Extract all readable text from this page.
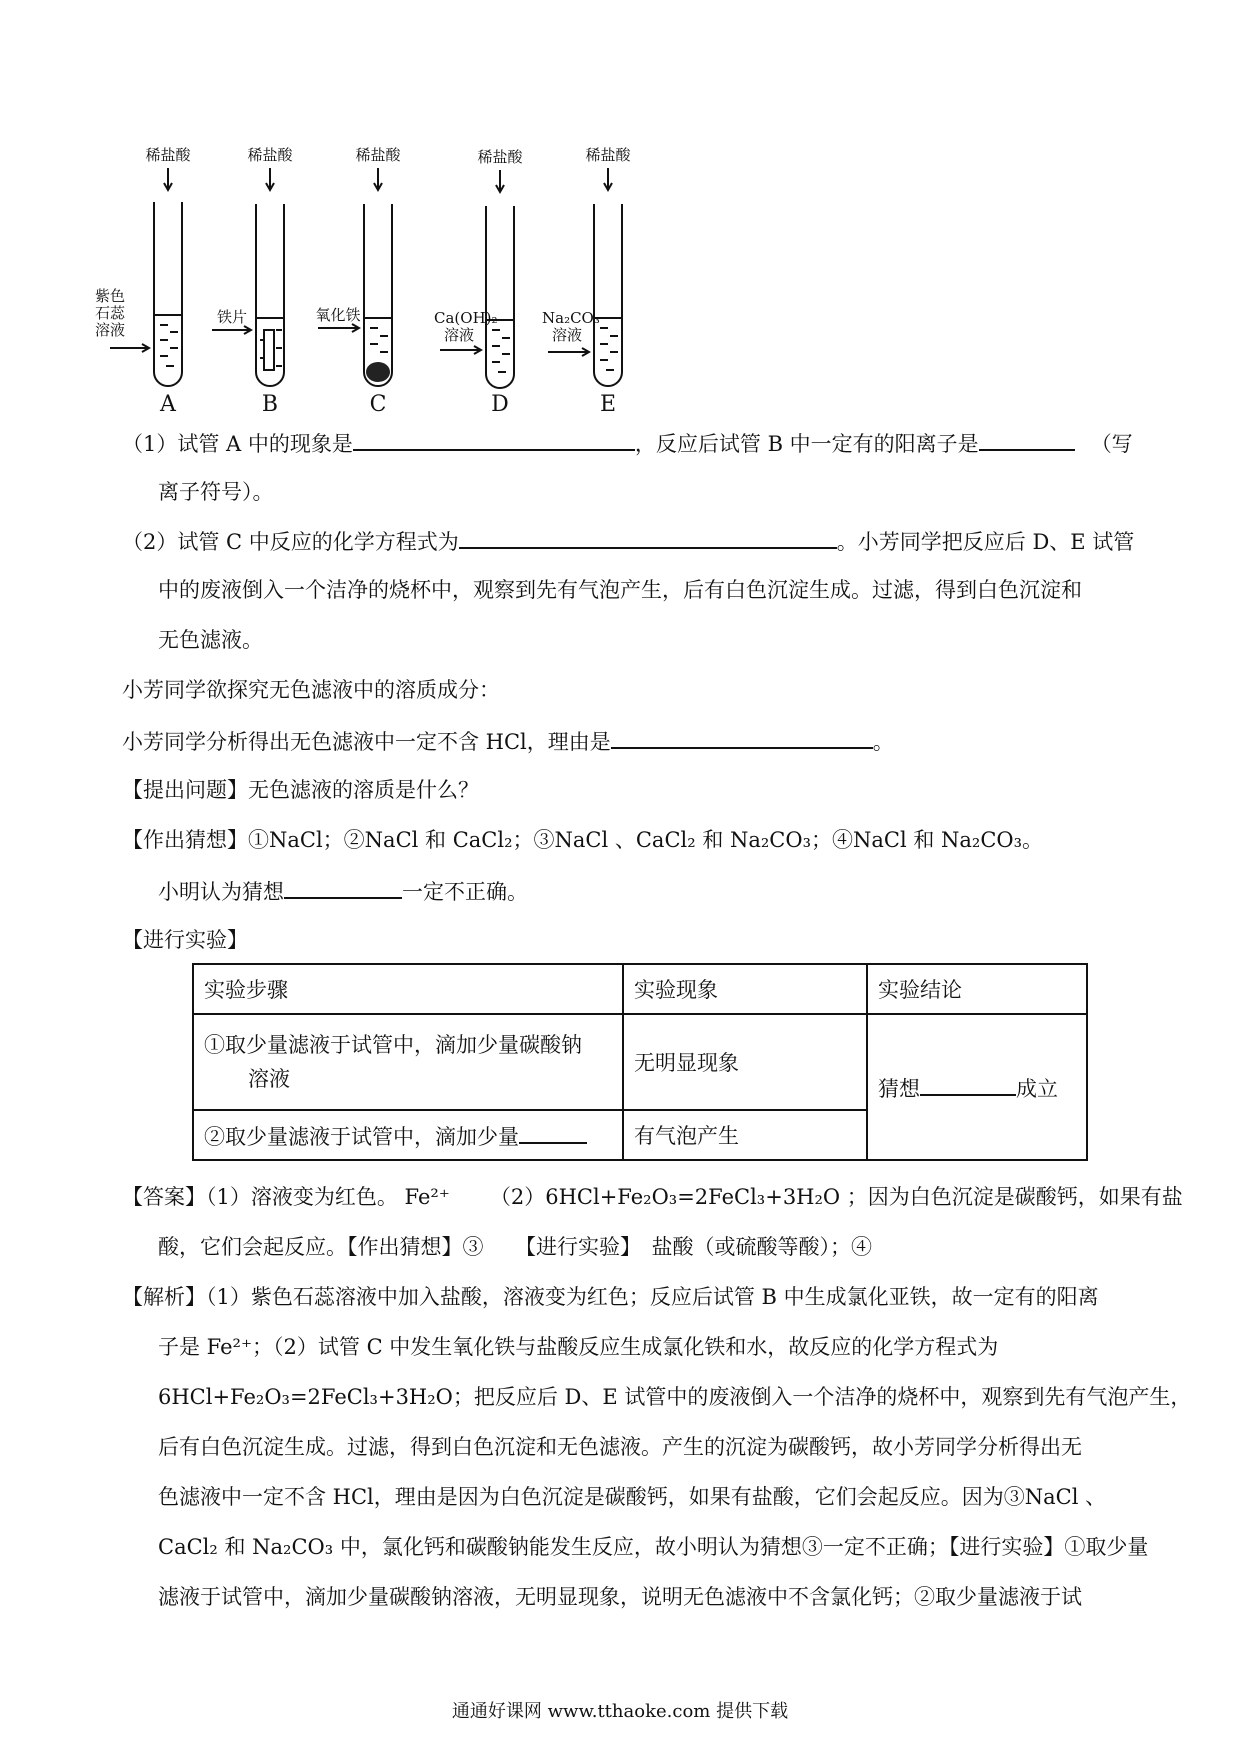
稀盐酸	稀盐酸	稀盐酸	稀盐酸	稀盐酸
紫色石蕊溶液
铁片	氧化铁	Ca(OH)₂溶液
Na₂CO₃溶液
A	B	C	D	E
（1）试管 A 中的现象是	，反应后试管 B 中一定有的阳离子是	（写
离子符号）。
（2）试管 C 中反应的化学方程式为	。小芳同学把反应后 D、E 试管
中的废液倒入一个洁净的烧杯中，观察到先有气泡产生，后有白色沉淀生成。过滤，得到白色沉淀和
无色滤液。
小芳同学欲探究无色滤液中的溶质成分：
小芳同学分析得出无色滤液中一定不含 HCl，理由是	。
【提出问题】无色滤液的溶质是什么？
【作出猜想】①NaCl；②NaCl 和 CaCl₂；③NaCl 、CaCl₂ 和 Na₂CO₃；④NaCl 和 Na₂CO₃。
小明认为猜想	一定不正确。
【进行实验】
实验步骤	实验现象	实验结论

①取少量滤液于试管中，滴加少量碳酸钠
溶液	无明显现象	猜想 成立
②取少量滤液于试管中，滴加少量	有气泡产生	
【答案】（1）溶液变为红色。 Fe²⁺ （2）6HCl+Fe₂O₃=2FeCl₃+3H₂O ；因为白色沉淀是碳酸钙，如果有盐
酸，它们会起反应。【作出猜想】③　　【进行实验】　盐酸（或硫酸等酸）；④
【解析】（1）紫色石蕊溶液中加入盐酸，溶液变为红色；反应后试管 B 中生成氯化亚铁，故一定有的阳离
子是 Fe²⁺；（2）试管 C 中发生氧化铁与盐酸反应生成氯化铁和水，故反应的化学方程式为
6HCl+Fe₂O₃=2FeCl₃+3H₂O；把反应后 D、E 试管中的废液倒入一个洁净的烧杯中，观察到先有气泡产生，
后有白色沉淀生成。过滤，得到白色沉淀和无色滤液。产生的沉淀为碳酸钙，故小芳同学分析得出无
色滤液中一定不含 HCl，理由是因为白色沉淀是碳酸钙，如果有盐酸，它们会起反应。因为③NaCl 、
CaCl₂ 和 Na₂CO₃ 中，氯化钙和碳酸钠能发生反应，故小明认为猜想③一定不正确；【进行实验】①取少量
滤液于试管中，滴加少量碳酸钠溶液，无明显现象，说明无色滤液中不含氯化钙；②取少量滤液于试
通通好课网 www.tthaoke.com 提供下载
